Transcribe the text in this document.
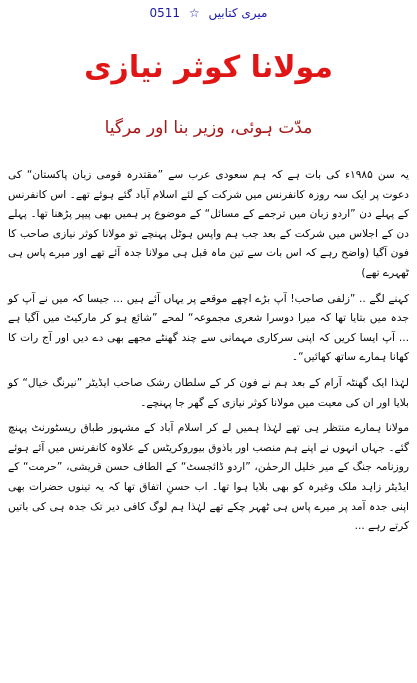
میری کتابیں ☆ 0511
مولانا کوثر نیازی
مدّت ہوئی، وزیر بنا اور مرگیا

یہ سن ۱۹۸۵ء کی بات ہے کہ ہم سعودی عرب سے ”مقتدرہ قومی زبان پاکستان“ کی دعوت پر ایک سہ روزہ کانفرنس میں شرکت کے لئے اسلام آباد گئے ہوئے تھے۔ اس کانفرنس کے پہلے دن ”اردو زبان میں ترجمے کے مسائل“ کے موضوع پر ہمیں بھی پیپر پڑھنا تھا۔ پہلے دن کے اجلاس میں شرکت کے بعد جب ہم واپس ہوٹل پہنچے تو مولانا کوثر نیازی صاحب کا فون آگیا (واضح رہے کہ اس بات سے تین ماہ قبل ہی مولانا جدہ آئے تھے اور میرے پاس ہی ٹھہرے تھے)

کہنے لگے .. ”زلفی صاحب! آپ بڑے اچھے موقعے پر یہاں آئے ہیں ... جیسا کہ میں نے آپ کو جدہ میں بتایا تھا کہ میرا دوسرا شعری مجموعہ“ لمحے ”شائع ہو کر مارکیٹ میں آگیا ہے ... آپ ایسا کریں کہ اپنی سرکاری مہمانی سے چند گھنٹے مجھے بھی دے دیں اور آج رات کا کھانا ہمارے ساتھ کھائیں“۔

لہٰذا ایک گھنٹہ آرام کے بعد ہم نے فون کر کے سلطان رشک صاحب ایڈیٹر ”نیرنگ خیال“ کو بلایا اور ان کی معیت میں مولانا کوثر نیازی کے گھر جا پہنچے۔

مولانا ہمارے منتظر ہی تھے لہٰذا ہمیں لے کر اسلام آباد کے مشہور طباق ریسٹورنٹ پہنچ گئے۔ جہاں انہوں نے اپنے ہم منصب اور باذوق بیوروکریٹس کے علاوہ کانفرنس میں آئے ہوئے روزنامہ جنگ کے میر خلیل الرحمٰن، ”اردو ڈائجسٹ“ کے الطاف حسن قریشی، ”حرمت“ کے ایڈیٹر زاہد ملک وغیرہ کو بھی بلایا ہوا تھا۔ اب حسنِ اتفاق تھا کہ یہ تینوں حضرات بھی اپنی جدہ آمد پر میرے پاس ہی ٹھہر چکے تھے لہٰذا ہم لوگ کافی دیر تک جدہ ہی کی باتیں کرتے رہے ...
